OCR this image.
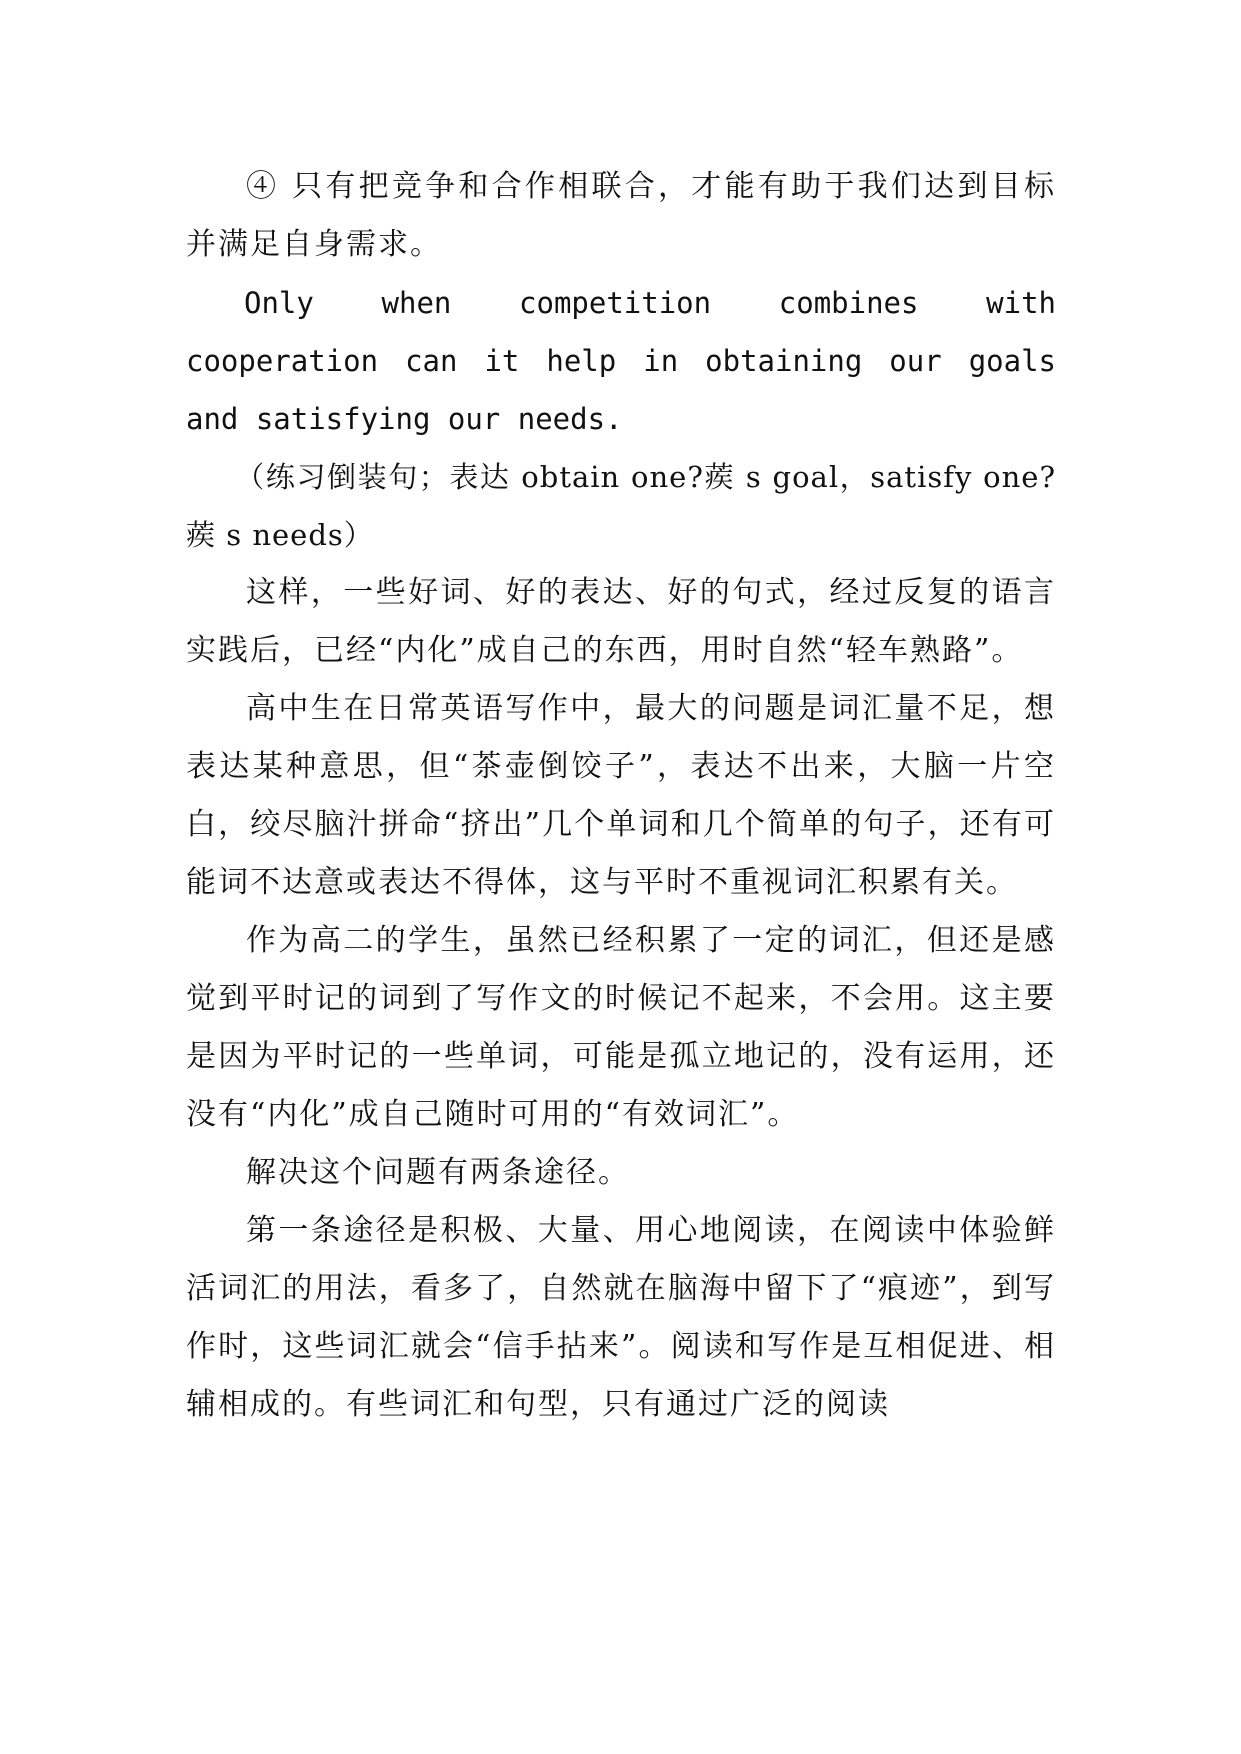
④ 只有把竞争和合作相联合，才能有助于我们达到目标并满足自身需求。

Only when competition combines with cooperation can it help in obtaining our goals and satisfying our needs.

（练习倒装句；表达 obtain one?蒺 s goal，satisfy one?蒺 s needs）

这样，一些好词、好的表达、好的句式，经过反复的语言实践后，已经“内化”成自己的东西，用时自然“轻车熟路”。

高中生在日常英语写作中，最大的问题是词汇量不足，想表达某种意思，但“茶壶倒饺子”，表达不出来，大脑一片空白，绞尽脑汁拼命“挤出”几个单词和几个简单的句子，还有可能词不达意或表达不得体，这与平时不重视词汇积累有关。

作为高二的学生，虽然已经积累了一定的词汇，但还是感觉到平时记的词到了写作文的时候记不起来，不会用。这主要是因为平时记的一些单词，可能是孤立地记的，没有运用，还没有“内化”成自己随时可用的“有效词汇”。

解决这个问题有两条途径。

第一条途径是积极、大量、用心地阅读，在阅读中体验鲜活词汇的用法，看多了，自然就在脑海中留下了“痕迹”，到写作时，这些词汇就会“信手拈来”。阅读和写作是互相促进、相辅相成的。有些词汇和句型，只有通过广泛的阅读
